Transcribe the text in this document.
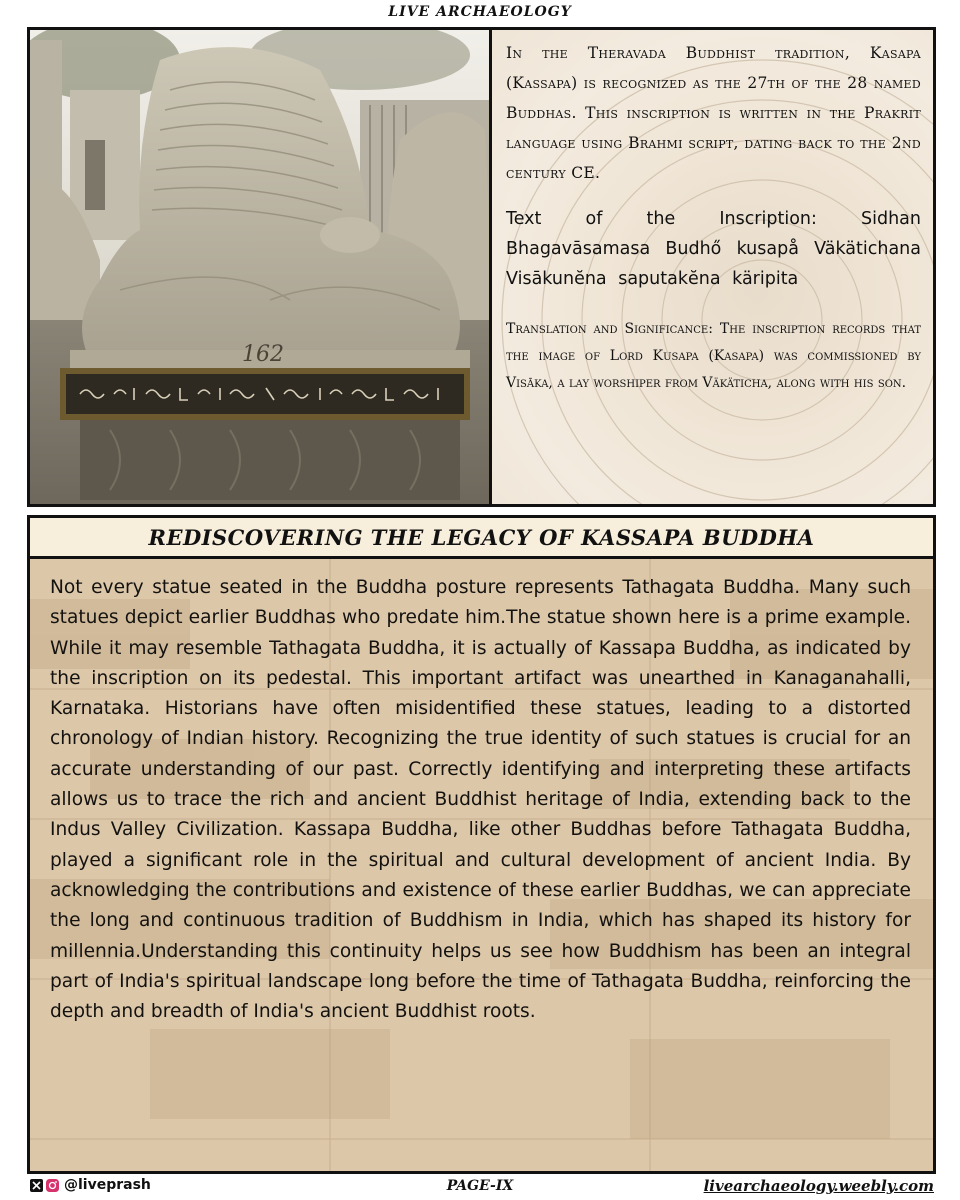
LIVE ARCHAEOLOGY
162

In the Theravada Buddhist tradition, Kasapa (Kassapa) is recognized as the 27th of the 28 named Buddhas. This inscription is written in the Prakrit language using Brahmi script, dating back to the 2nd century CE.

Text of the Inscription: Sidhan Bhagavāsamasa Budhő kusapå Väkätichana Visākunĕna saputakĕna käripita

Translation and Significance: The inscription records that the image of Lord Kusapa (Kasapa) was commissioned by Visāka, a lay worshiper from Väkäticha, along with his son.

REDISCOVERING THE LEGACY OF KASSAPA BUDDHA

Not every statue seated in the Buddha posture represents Tathagata Buddha. Many such statues depict earlier Buddhas who predate him.The statue shown here is a prime example. While it may resemble Tathagata Buddha, it is actually of Kassapa Buddha, as indicated by the inscription on its pedestal. This important artifact was unearthed in Kanaganahalli, Karnataka. Historians have often misidentified these statues, leading to a distorted chronology of Indian history. Recognizing the true identity of such statues is crucial for an accurate understanding of our past. Correctly identifying and interpreting these artifacts allows us to trace the rich and ancient Buddhist heritage of India, extending back to the Indus Valley Civilization. Kassapa Buddha, like other Buddhas before Tathagata Buddha, played a significant role in the spiritual and cultural development of ancient India. By acknowledging the contributions and existence of these earlier Buddhas, we can appreciate the long and continuous tradition of Buddhism in India, which has shaped its history for millennia.Understanding this continuity helps us see how Buddhism has been an integral part of India's spiritual landscape long before the time of Tathagata Buddha, reinforcing the depth and breadth of India's ancient Buddhist roots.

@liveprash	PAGE-IX	livearchaeology.weebly.com
